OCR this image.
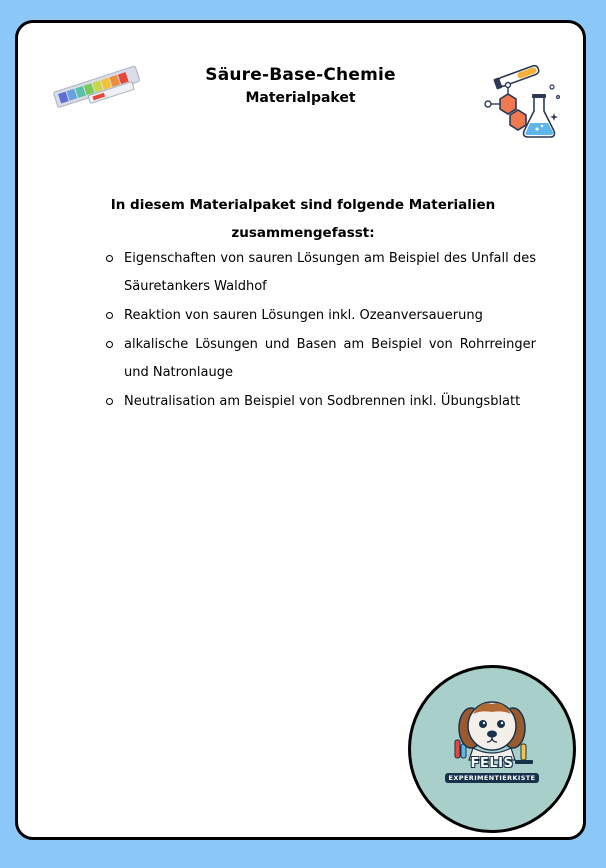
Säure-Base-Chemie
Materialpaket
In diesem Materialpaket sind folgende Materialien zusammengefasst:
Eigenschaften von sauren Lösungen am Beispiel des Unfall des Säuretankers Waldhof
Reaktion von sauren Lösungen inkl. Ozeanversauerung
alkalische Lösungen und Basen am Beispiel von Rohrreinger und Natronlauge
Neutralisation am Beispiel von Sodbrennen inkl. Übungsblatt
FELIS
EXPERIMENTIERKISTE
